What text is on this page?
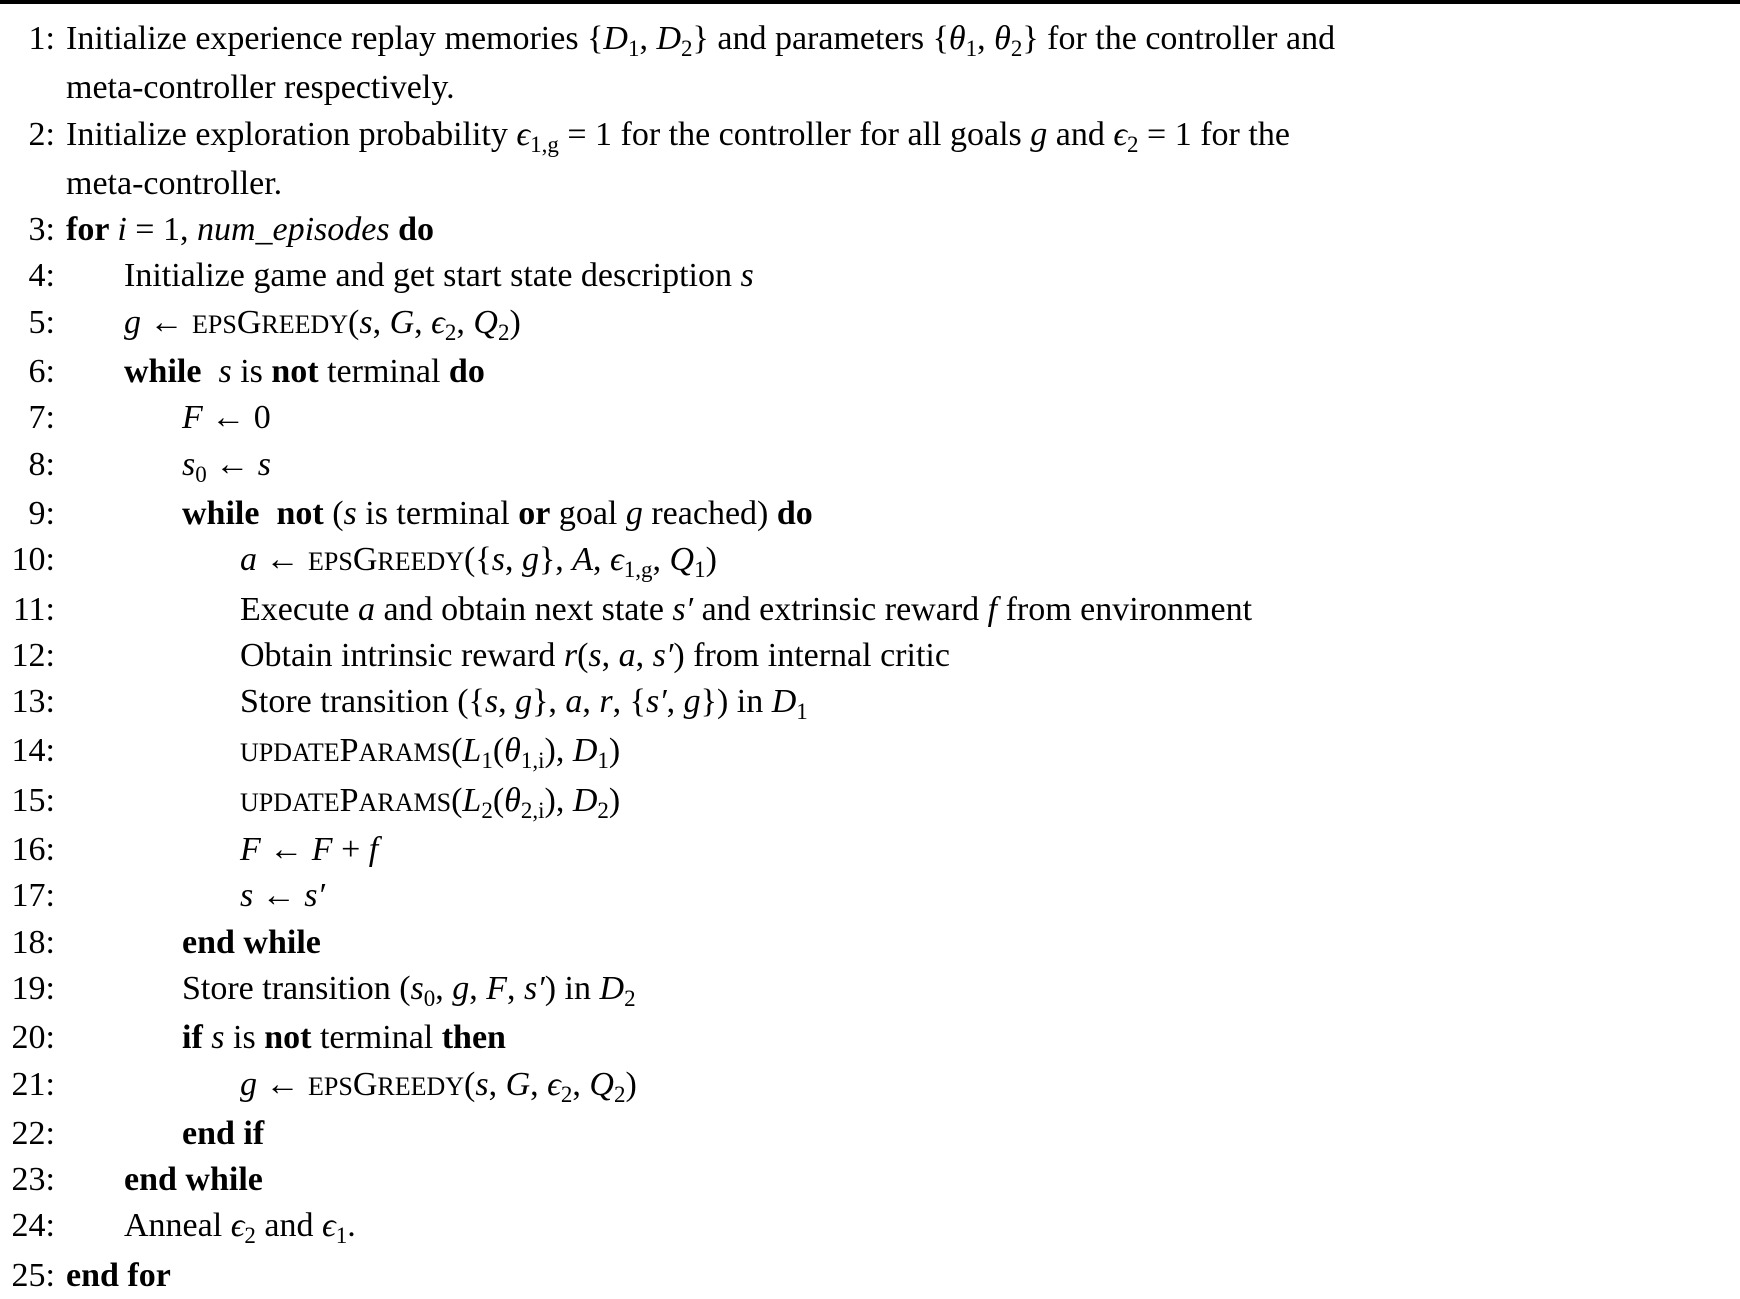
1: Initialize experience replay memories {$D_1$, $D_2$} and parameters {$\theta_1$, $\theta_2$} for the controller and
meta-controller respectively.
2: Initialize exploration probability $\epsilon_{1,g} = 1$ for the controller for all goals g and $\epsilon_2 = 1$ for the
meta-controller.
3: for i = 1, num_episodes do
4:	Initialize game and get start state description s
5:	g ← EPSGREEDY(s, G, $\epsilon_2$, $Q_2$)
6:	while s is not terminal do
7:	F ← 0
8:	$s_0$ ← s
9:	while not (s is terminal or goal g reached) do
10:	a ← EPSGREEDY({s, g}, A, $\epsilon_{1,g}$, $Q_1$)
11:	Execute a and obtain next state s′ and extrinsic reward f from environment
12:	Obtain intrinsic reward r(s, a, s′) from internal critic
13:	Store transition ({s, g}, a, r, {s′, g}) in $D_1$
14:	$UPDATEPARAMS(L_1(\theta_{1,i})$, $D_1$)
15:	$UPDATEPARAMS(L_2(\theta_{2,i})$, $D_2$)
16:	F ← F + f
17:	s ← s′
18:	end while
19:	Store transition ($s_0$, g, F, s′) in $D_2$
20:	if s is not terminal then
21:	g ← EPSGREEDY(s, G, $\epsilon_2$, $Q_2$)
22:	end if
23:	end while
24:	Anneal $\epsilon_2$ and $\epsilon_1$.
25: end for
